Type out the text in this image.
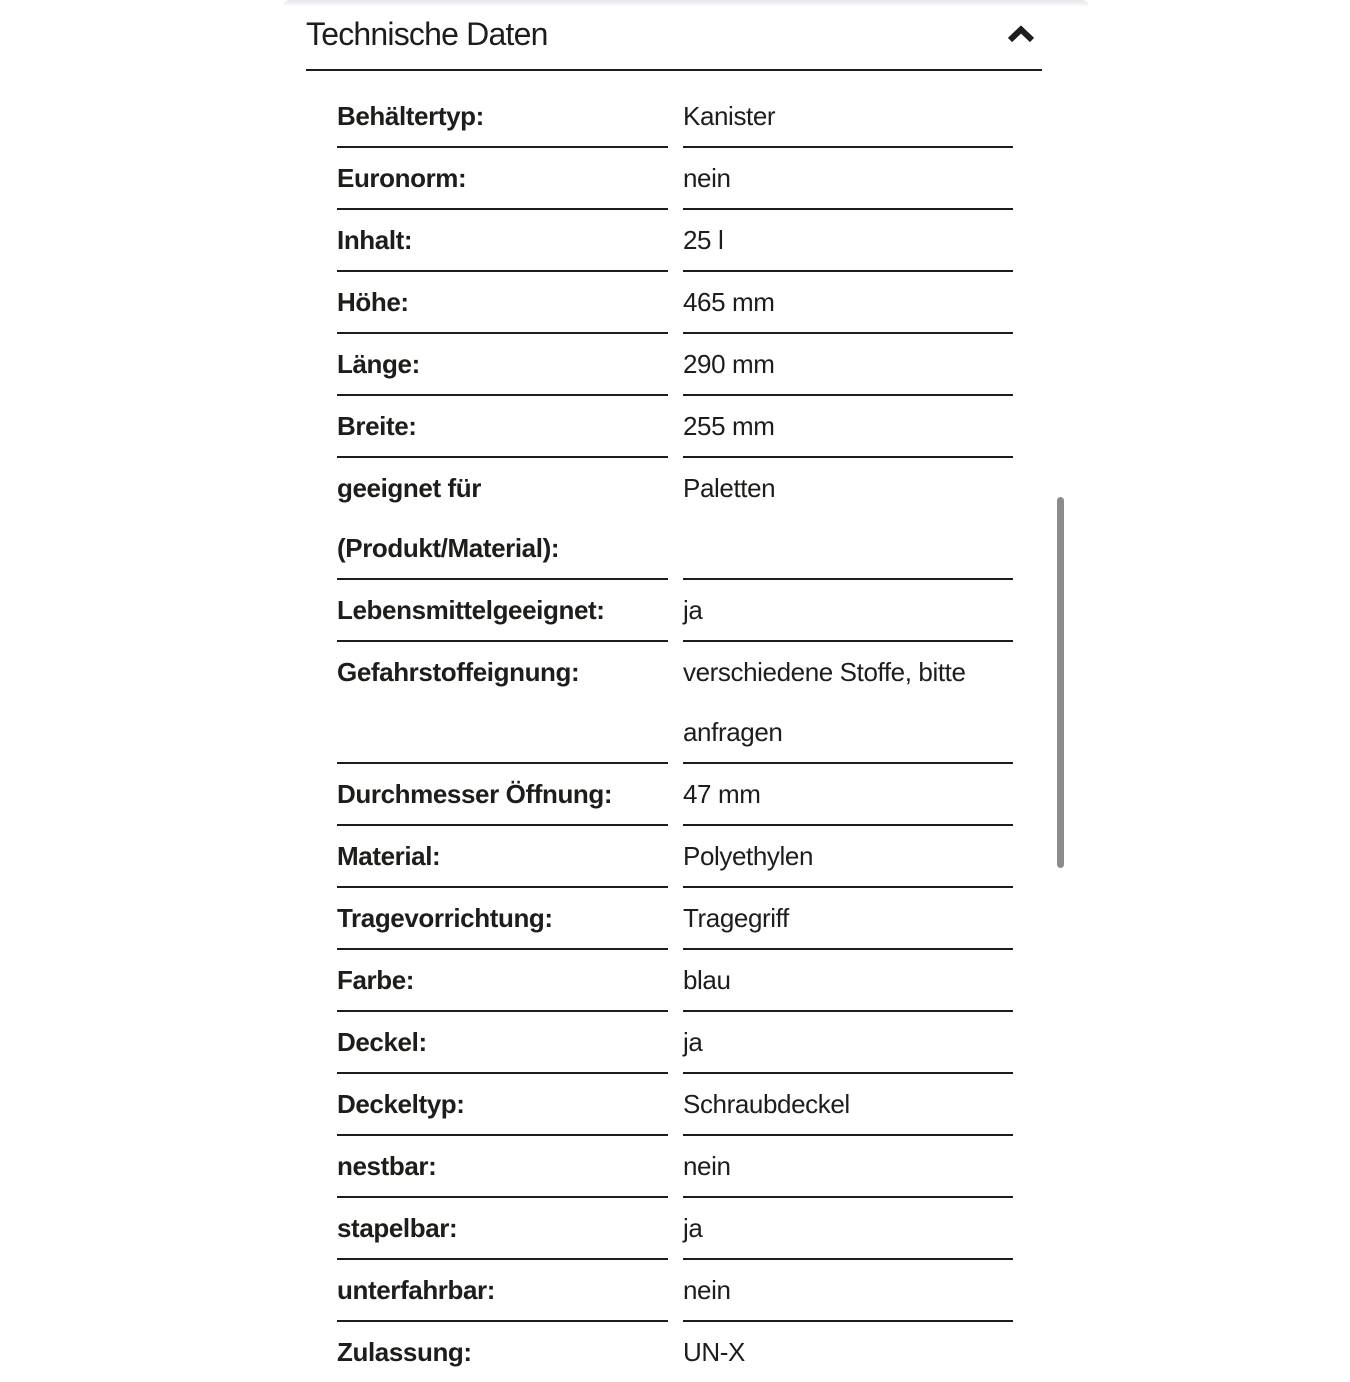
Technische Daten
Behältertyp:	Kanister
Euronorm:	nein
Inhalt:	25 l
Höhe:	465 mm
Länge:	290 mm
Breite:	255 mm
geeignet für (Produkt/Material):
Paletten
Lebensmittelgeeignet:	ja
Gefahrstoffeignung:	verschiedene Stoffe, bitte anfragen
Durchmesser Öffnung:	47 mm
Material:	Polyethylen
Tragevorrichtung:	Tragegriff
Farbe:	blau
Deckel:	ja
Deckeltyp:	Schraubdeckel
nestbar:	nein
stapelbar:	ja
unterfahrbar:	nein
Zulassung:	UN-X
